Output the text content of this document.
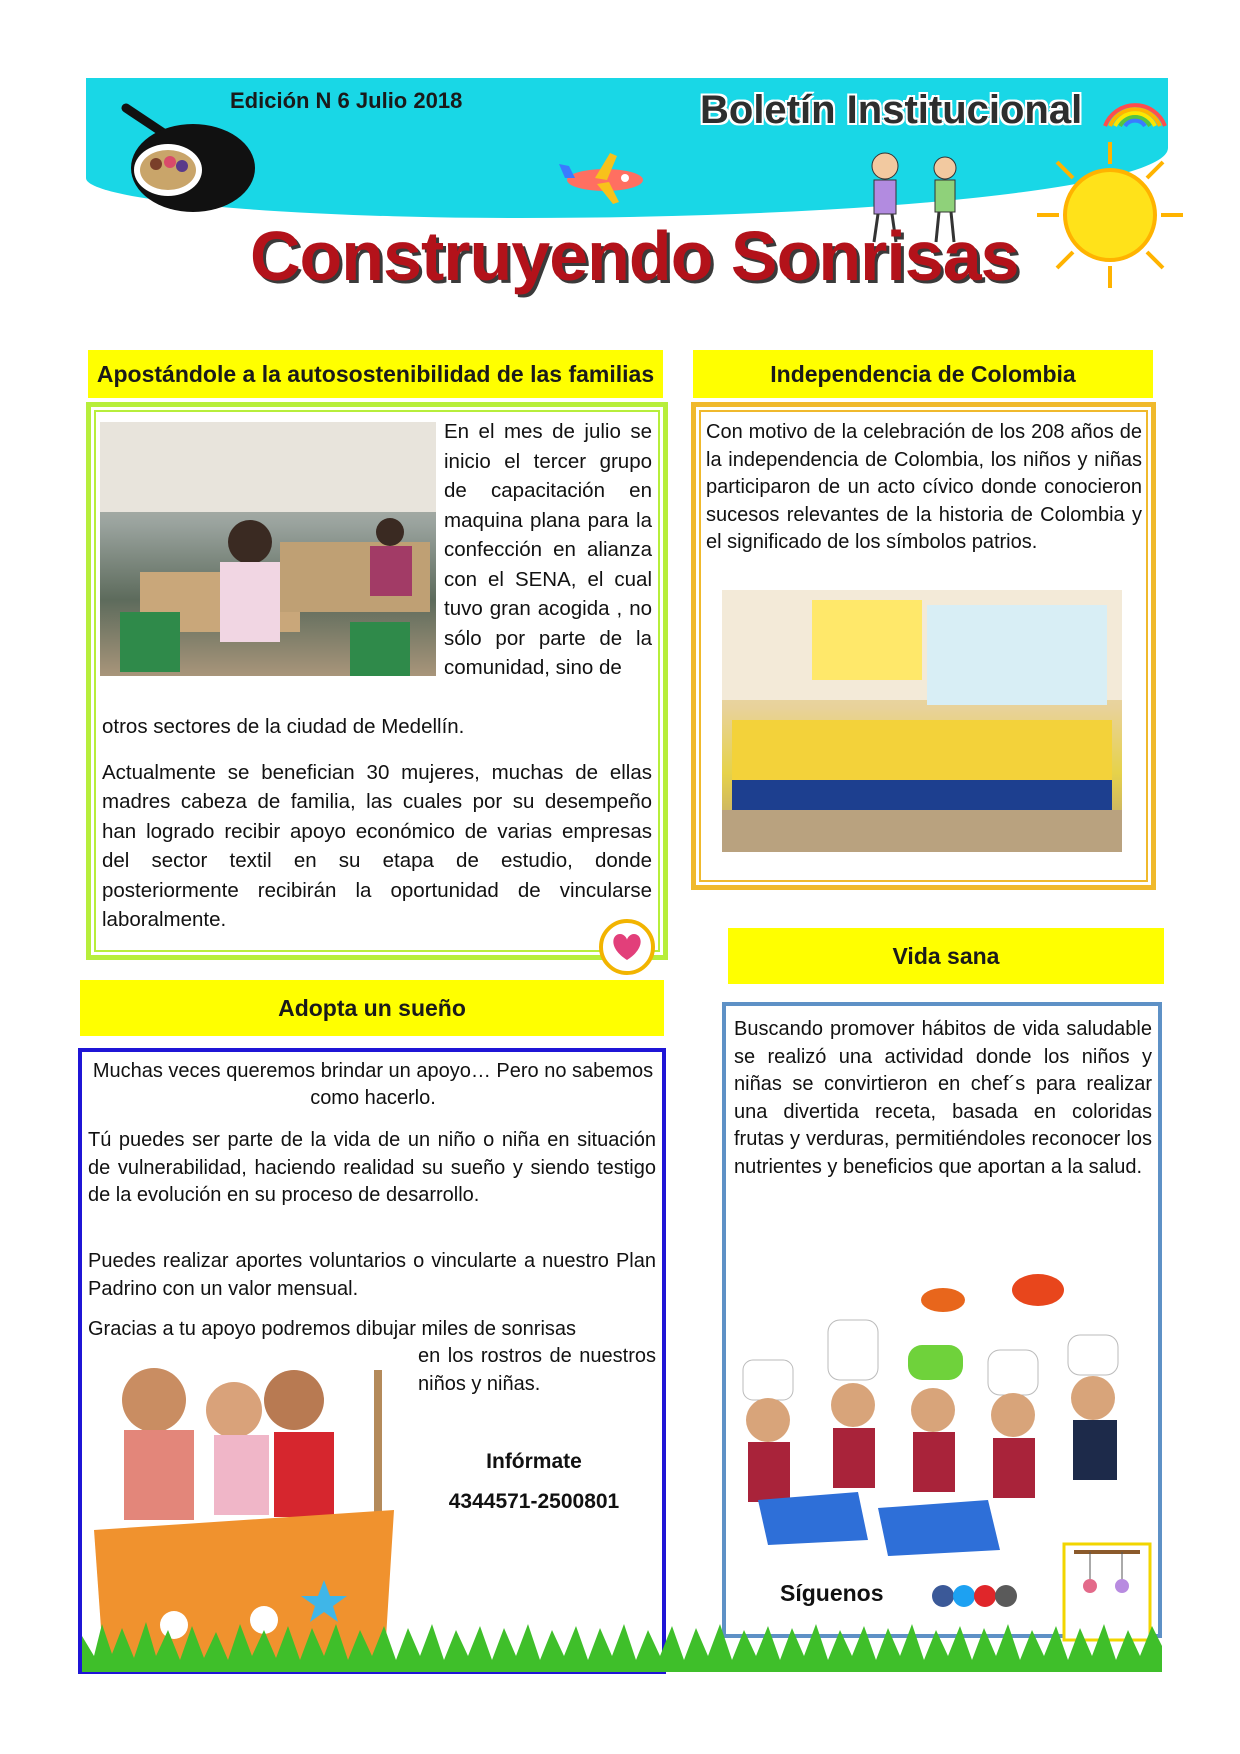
Edición N 6 Julio 2018	Boletín Institucional
Construyendo Sonrisas
Apostándole a la autosostenibilidad de las familias
En el mes de julio se inicio el tercer grupo de capacitación en maquina plana para la confección en alianza con el SENA, el cual tuvo gran acogida , no sólo por parte de la comunidad, sino de

otros sectores de la ciudad de Medellín.

Actualmente se benefician 30 mujeres, muchas de ellas madres cabeza de familia, las cuales por su desempeño han logrado recibir apoyo económico de varias empresas del sector textil en su etapa de estudio, donde posteriormente recibirán la oportunidad de vincularse laboralmente.

Independencia de Colombia
Con motivo de la celebración de los 208 años de la independencia de Colombia, los niños y niñas participaron de un acto cívico donde conocieron sucesos relevantes de la historia de Colombia y el significado de los símbolos patrios.
Adopta un sueño
Muchas veces queremos brindar un apoyo… Pero no sabemos como hacerlo.
Tú puedes ser parte de la vida de un niño o niña en situación de vulnerabilidad, haciendo realidad su sueño y siendo testigo de la evolución en su proceso de desarrollo.
Puedes realizar aportes voluntarios o vincularte a nuestro Plan Padrino con un valor mensual.
Gracias a tu apoyo podremos dibujar miles de sonrisas
en los rostros de nuestros niños y niñas.
Infórmate
4344571-2500801
Vida sana
Buscando promover hábitos de vida saludable se realizó una actividad donde los niños y niñas se convirtieron en chef´s para realizar una divertida receta, basada en coloridas frutas y verduras, permitiéndoles reconocer los nutrientes y beneficios que aportan a la salud.
Síguenos
